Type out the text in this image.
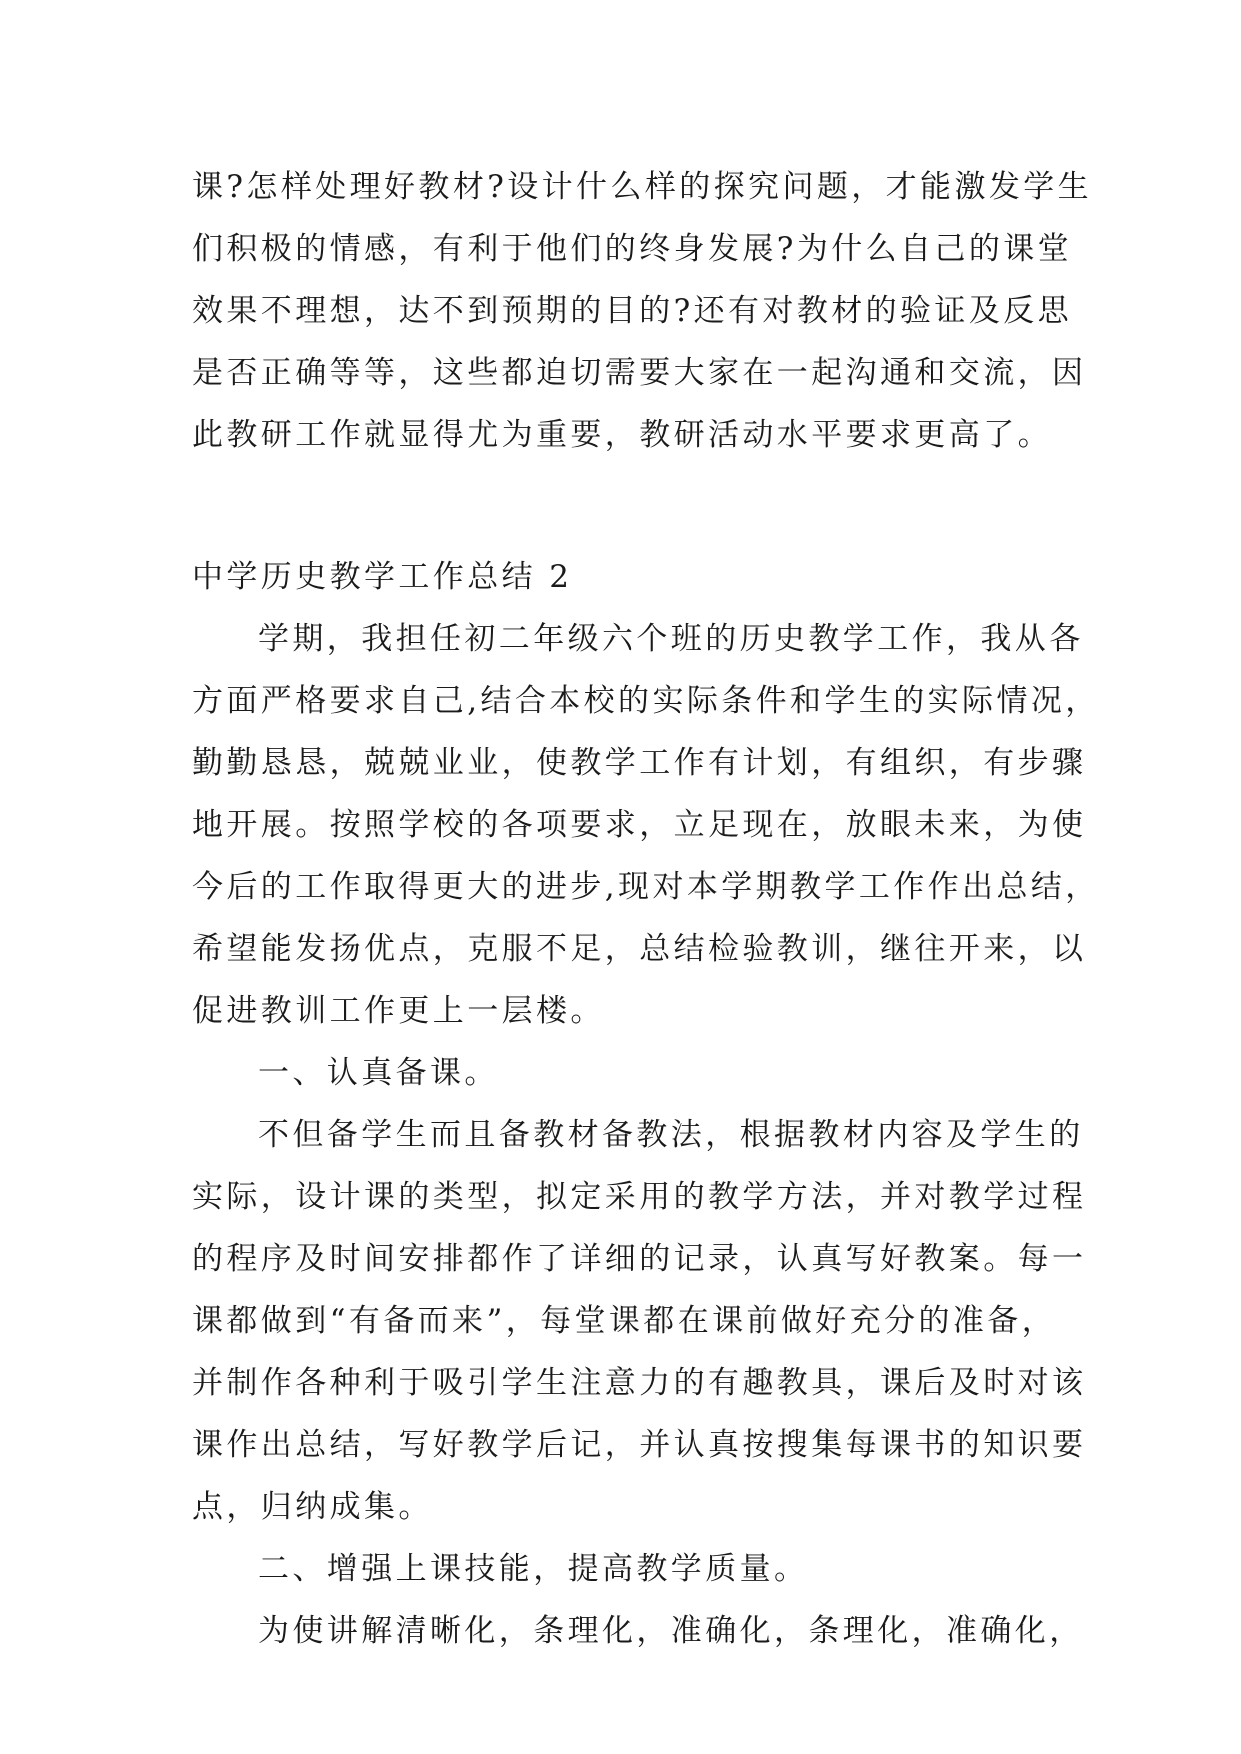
课?怎样处理好教材?设计什么样的探究问题，才能激发学生
们积极的情感，有利于他们的终身发展?为什么自己的课堂
效果不理想，达不到预期的目的?还有对教材的验证及反思
是否正确等等，这些都迫切需要大家在一起沟通和交流，因
此教研工作就显得尤为重要，教研活动水平要求更高了。
中学历史教学工作总结 2
学期，我担任初二年级六个班的历史教学工作，我从各
方面严格要求自己,结合本校的实际条件和学生的实际情况，
勤勤恳恳，兢兢业业，使教学工作有计划，有组织，有步骤
地开展。按照学校的各项要求，立足现在，放眼未来，为使
今后的工作取得更大的进步,现对本学期教学工作作出总结，
希望能发扬优点，克服不足，总结检验教训，继往开来，以
促进教训工作更上一层楼。
一、认真备课。
不但备学生而且备教材备教法，根据教材内容及学生的
实际，设计课的类型，拟定采用的教学方法，并对教学过程
的程序及时间安排都作了详细的记录，认真写好教案。每一
课都做到“有备而来”，每堂课都在课前做好充分的准备，
并制作各种利于吸引学生注意力的有趣教具，课后及时对该
课作出总结，写好教学后记，并认真按搜集每课书的知识要
点，归纳成集。
二、增强上课技能，提高教学质量。
为使讲解清晰化，条理化，准确化，条理化，准确化，
